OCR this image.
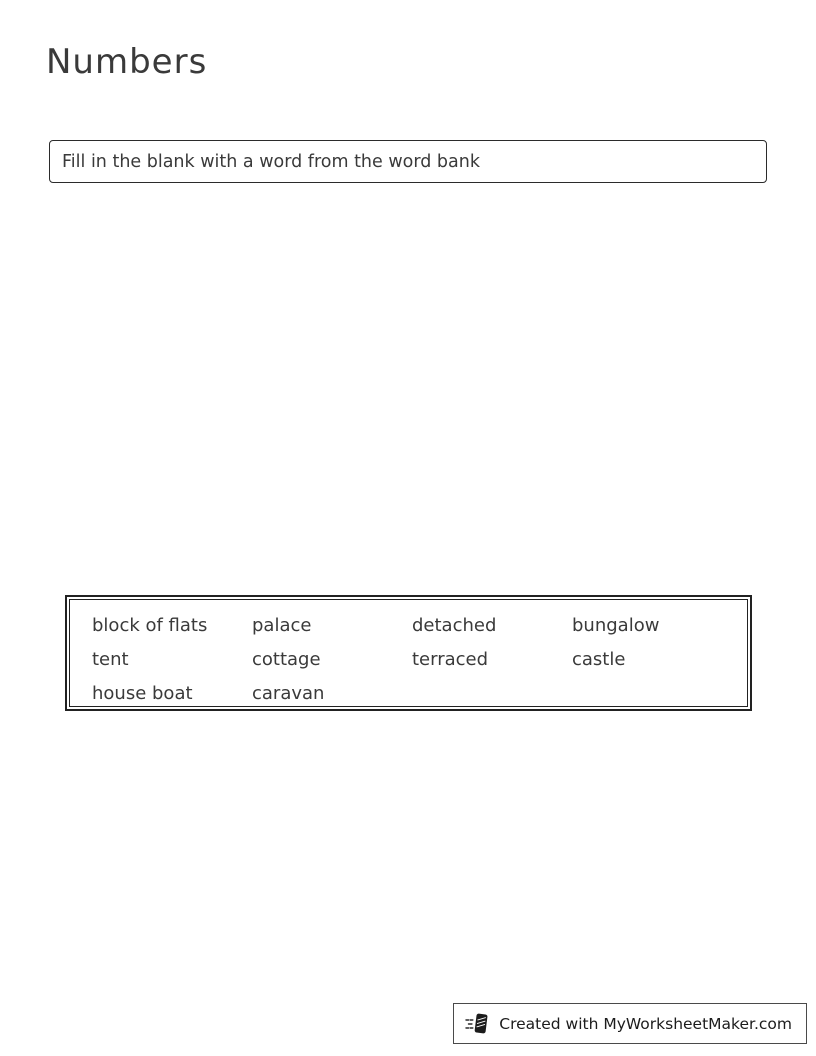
Numbers
Fill in the blank with a word from the word bank
block of flats	palace	detached	bungalow
tent	cottage	terraced	castle
house boat	caravan
Created with MyWorksheetMaker.com
